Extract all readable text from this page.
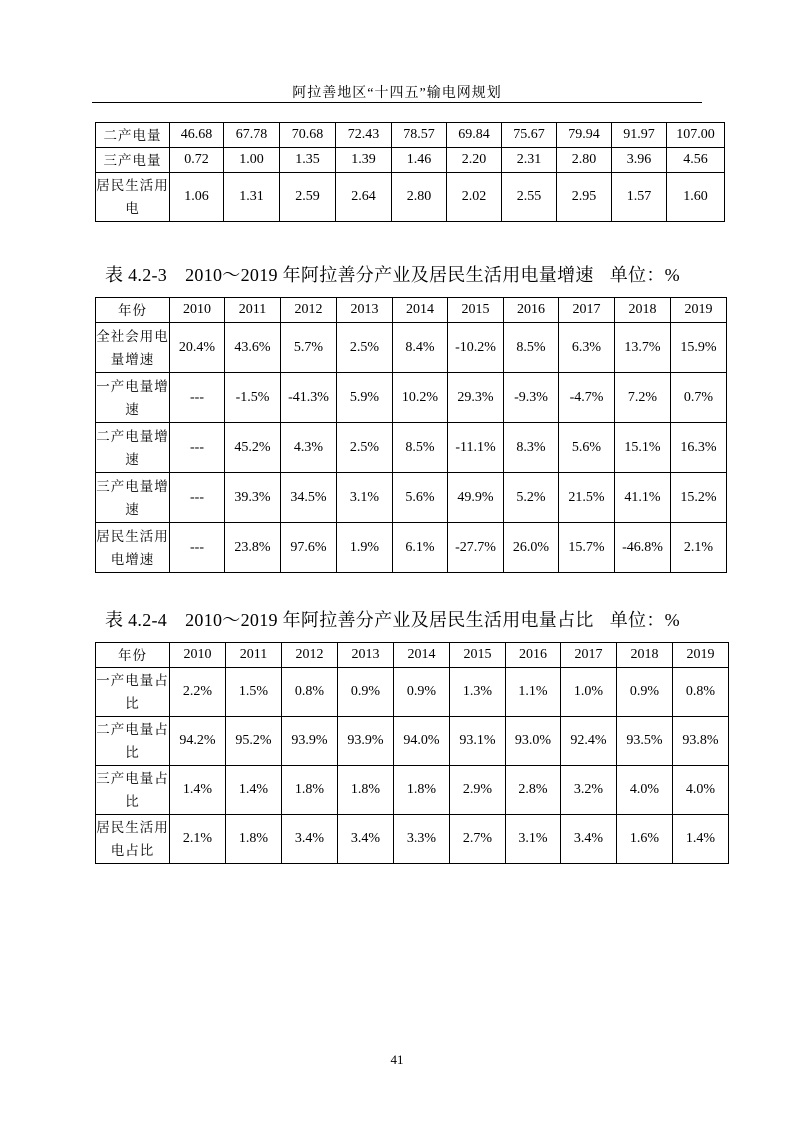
阿拉善地区“十四五”输电网规划
二产电量	46.68	67.78	70.68	72.43	78.57	69.84	75.67	79.94	91.97	107.00
三产电量	0.72	1.00	1.35	1.39	1.46	2.20	2.31	2.80	3.96	4.56
居民生活用电	1.06	1.31	2.59	2.64	2.80	2.02	2.55	2.95	1.57	1.60
表 4.2-3 2010～2019 年阿拉善分产业及居民生活用电量增速 单位：%
年份	2010	2011	2012	2013	2014	2015	2016	2017	2018	2019
全社会用电量增速	20.4%	43.6%	5.7%	2.5%	8.4%	-10.2%	8.5%	6.3%	13.7%	15.9%
一产电量增速	---	-1.5%	-41.3%	5.9%	10.2%	29.3%	-9.3%	-4.7%	7.2%	0.7%
二产电量增速	---	45.2%	4.3%	2.5%	8.5%	-11.1%	8.3%	5.6%	15.1%	16.3%
三产电量增速	---	39.3%	34.5%	3.1%	5.6%	49.9%	5.2%	21.5%	41.1%	15.2%
居民生活用电增速	---	23.8%	97.6%	1.9%	6.1%	-27.7%	26.0%	15.7%	-46.8%	2.1%
表 4.2-4 2010～2019 年阿拉善分产业及居民生活用电量占比 单位：%
年份	2010	2011	2012	2013	2014	2015	2016	2017	2018	2019
一产电量占比	2.2%	1.5%	0.8%	0.9%	0.9%	1.3%	1.1%	1.0%	0.9%	0.8%
二产电量占比	94.2%	95.2%	93.9%	93.9%	94.0%	93.1%	93.0%	92.4%	93.5%	93.8%
三产电量占比	1.4%	1.4%	1.8%	1.8%	1.8%	2.9%	2.8%	3.2%	4.0%	4.0%
居民生活用电占比	2.1%	1.8%	3.4%	3.4%	3.3%	2.7%	3.1%	3.4%	1.6%	1.4%
41
